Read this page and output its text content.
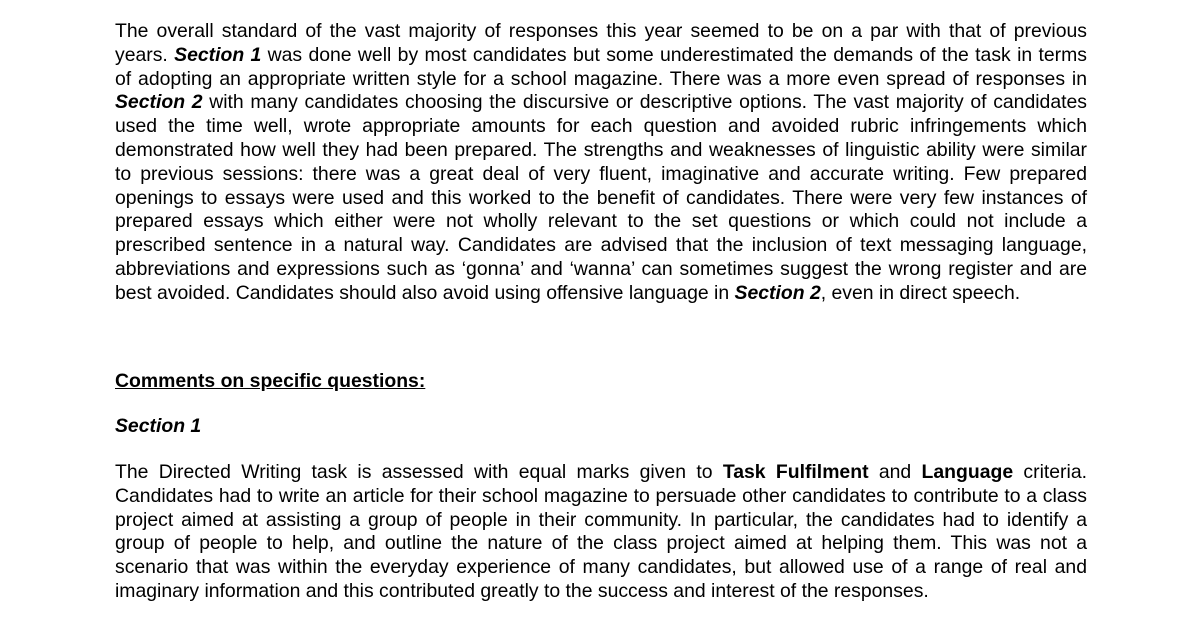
The overall standard of the vast majority of responses this year seemed to be on a par with that of previous years. Section 1 was done well by most candidates but some underestimated the demands of the task in terms of adopting an appropriate written style for a school magazine. There was a more even spread of responses in Section 2 with many candidates choosing the discursive or descriptive options. The vast majority of candidates used the time well, wrote appropriate amounts for each question and avoided rubric infringements which demonstrated how well they had been prepared. The strengths and weaknesses of linguistic ability were similar to previous sessions: there was a great deal of very fluent, imaginative and accurate writing. Few prepared openings to essays were used and this worked to the benefit of candidates. There were very few instances of prepared essays which either were not wholly relevant to the set questions or which could not include a prescribed sentence in a natural way. Candidates are advised that the inclusion of text messaging language, abbreviations and expressions such as ‘gonna’ and ‘wanna’ can sometimes suggest the wrong register and are best avoided. Candidates should also avoid using offensive language in Section 2, even in direct speech.

Comments on specific questions:

Section 1

The Directed Writing task is assessed with equal marks given to Task Fulfilment and Language criteria. Candidates had to write an article for their school magazine to persuade other candidates to contribute to a class project aimed at assisting a group of people in their community. In particular, the candidates had to identify a group of people to help, and outline the nature of the class project aimed at helping them. This was not a scenario that was within the everyday experience of many candidates, but allowed use of a range of real and imaginary information and this contributed greatly to the success and interest of the responses.
